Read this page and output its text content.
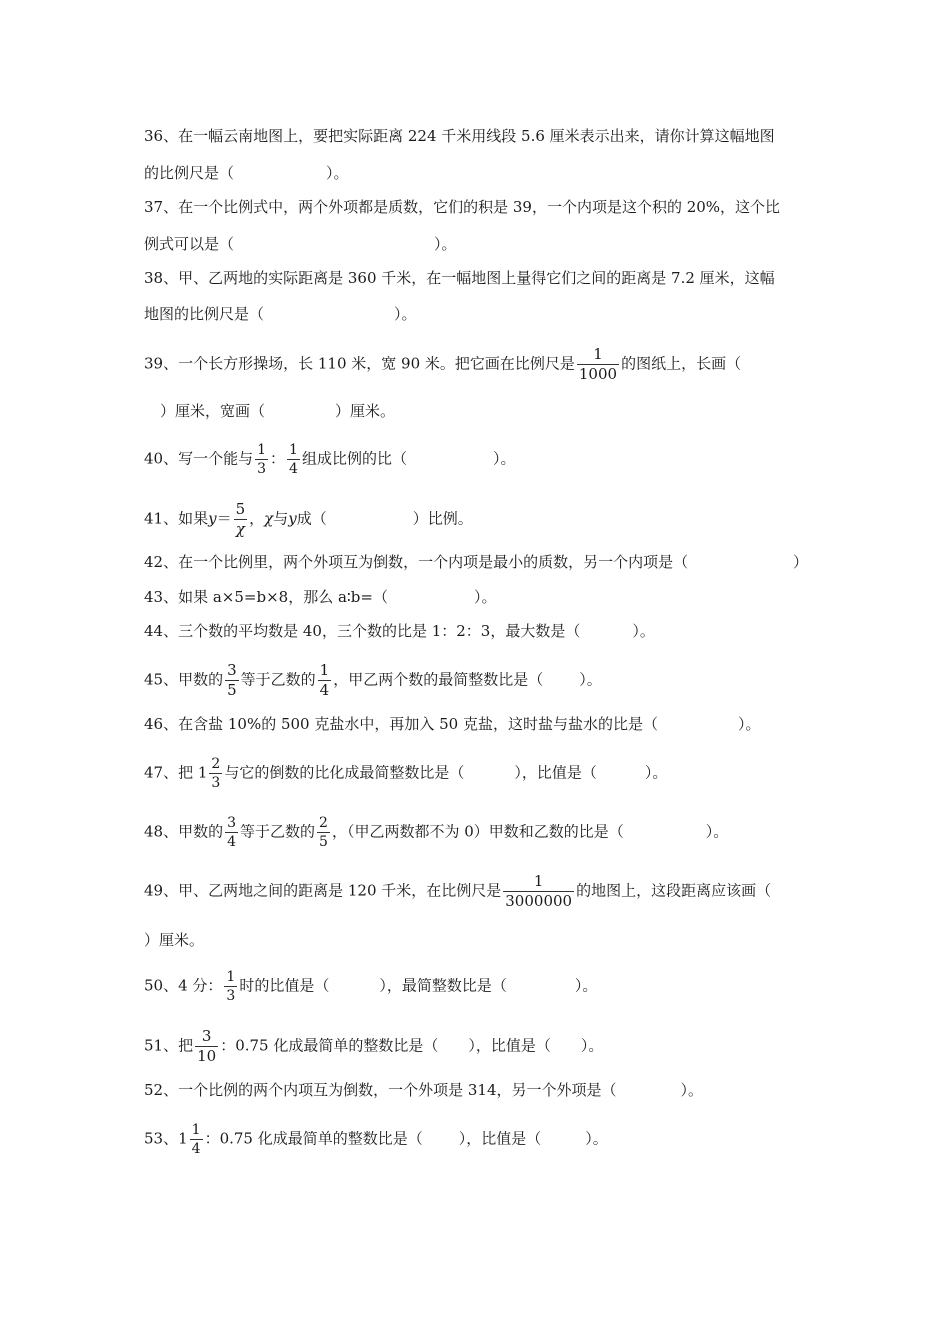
36、在一幅云南地图上，要把实际距离 224 千米用线段 5.6 厘米表示出来，请你计算这幅地图
的比例尺是（	）。
37、在一个比例式中，两个外项都是质数，它们的积是 39，一个内项是这个积的 20%，这个比
例式可以是（	）。
38、甲、乙两地的实际距离是 360 千米，在一幅地图上量得它们之间的距离是 7.2 厘米，这幅
地图的比例尺是（	）。
39、一个长方形操场，长 110 米，宽 90 米。把它画在比例尺是 $\frac{1}{1000}$ 的图纸上，长画（
）厘米，宽画（	）厘米。
40、写一个能与 $\frac{1}{3}$ ： $\frac{1}{4}$ 组成比例的比（	）。
41、如果$y= \frac{5}{\chi}$ ，χ与y成（	）比例。
42、在一个比例里，两个外项互为倒数，一个内项是最小的质数，另一个内项是（	）
43、如果 a×5=b×8，那么 a∶b=（	）。
44、三个数的平均数是 40，三个数的比是 1：2：3，最大数是（	）。
45、甲数的 $\frac{3}{5}$ 等于乙数的 $\frac{1}{4}$ ，甲乙两个数的最简整数比是（ ）。
46、在含盐 10%的 500 克盐水中，再加入 50 克盐，这时盐与盐水的比是（	）。
47、把 $1 \frac{2}{3}$ 与它的倒数的比化成最简整数比是（	），比值是（	）。
48、甲数的 $\frac{3}{4}$ 等于乙数的 $\frac{2}{5}$ ，（甲乙两数都不为 0）甲数和乙数的比是（	）。
49、甲、乙两地之间的距离是 120 千米，在比例尺是 $\frac{1}{3000000}$ 的地图上，这段距离应该画（
）厘米。
50、4 分： $\frac{1}{3}$ 时的比值是（	），最简整数比是（	）。
51、把 $\frac{3}{10}$ ：0.75 化成最简单的整数比是（ ），比值是（ ）。
52、一个比例的两个内项互为倒数，一个外项是 314，另一个外项是（	）。
53、$1 \frac{1}{4}$ ：0.75 化成最简单的整数比是（ ），比值是（	）。
